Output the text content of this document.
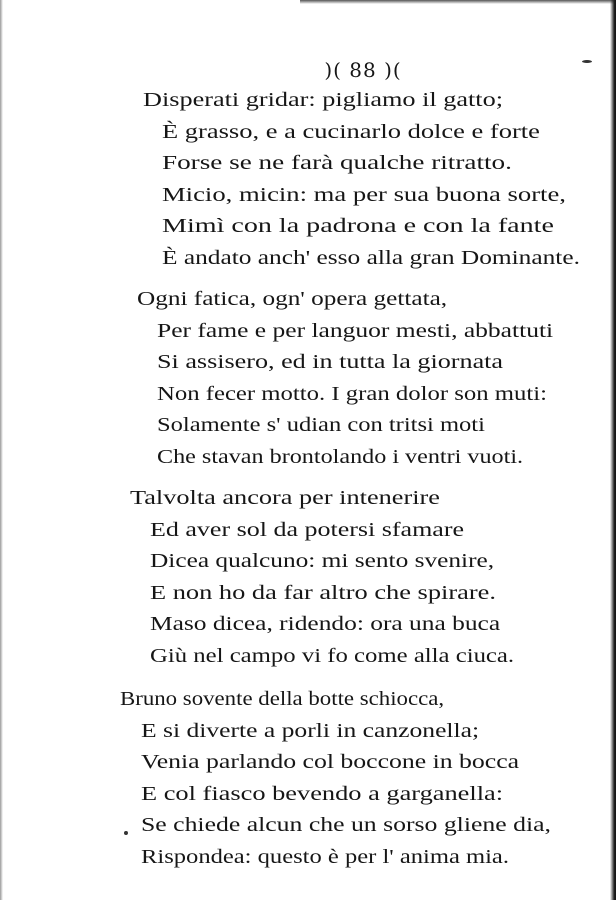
)( 88 )(
Disperati gridar: pigliamo il gatto;
È grasso, e a cucinarlo dolce e forte
Forse se ne farà qualche ritratto.
Micio, micin: ma per sua buona sorte,
Mimì con la padrona e con la fante
È andato anch' esso alla gran Dominante.
Ogni fatica, ogn' opera gettata,
Per fame e per languor mesti, abbattuti
Si assisero, ed in tutta la giornata
Non fecer motto. I gran dolor son muti:
Solamente s' udian con tritsi moti
Che stavan brontolando i ventri vuoti.
Talvolta ancora per intenerire
Ed aver sol da potersi sfamare
Dicea qualcuno: mi sento svenire,
E non ho da far altro che spirare.
Maso dicea, ridendo: ora una buca
Giù nel campo vi fo come alla ciuca.
Bruno sovente della botte schiocca,
E si diverte a porli in canzonella;
Venia parlando col boccone in bocca
E col fiasco bevendo a garganella:
Se chiede alcun che un sorso gliene dia,
Rispondea: questo è per l' anima mia.
